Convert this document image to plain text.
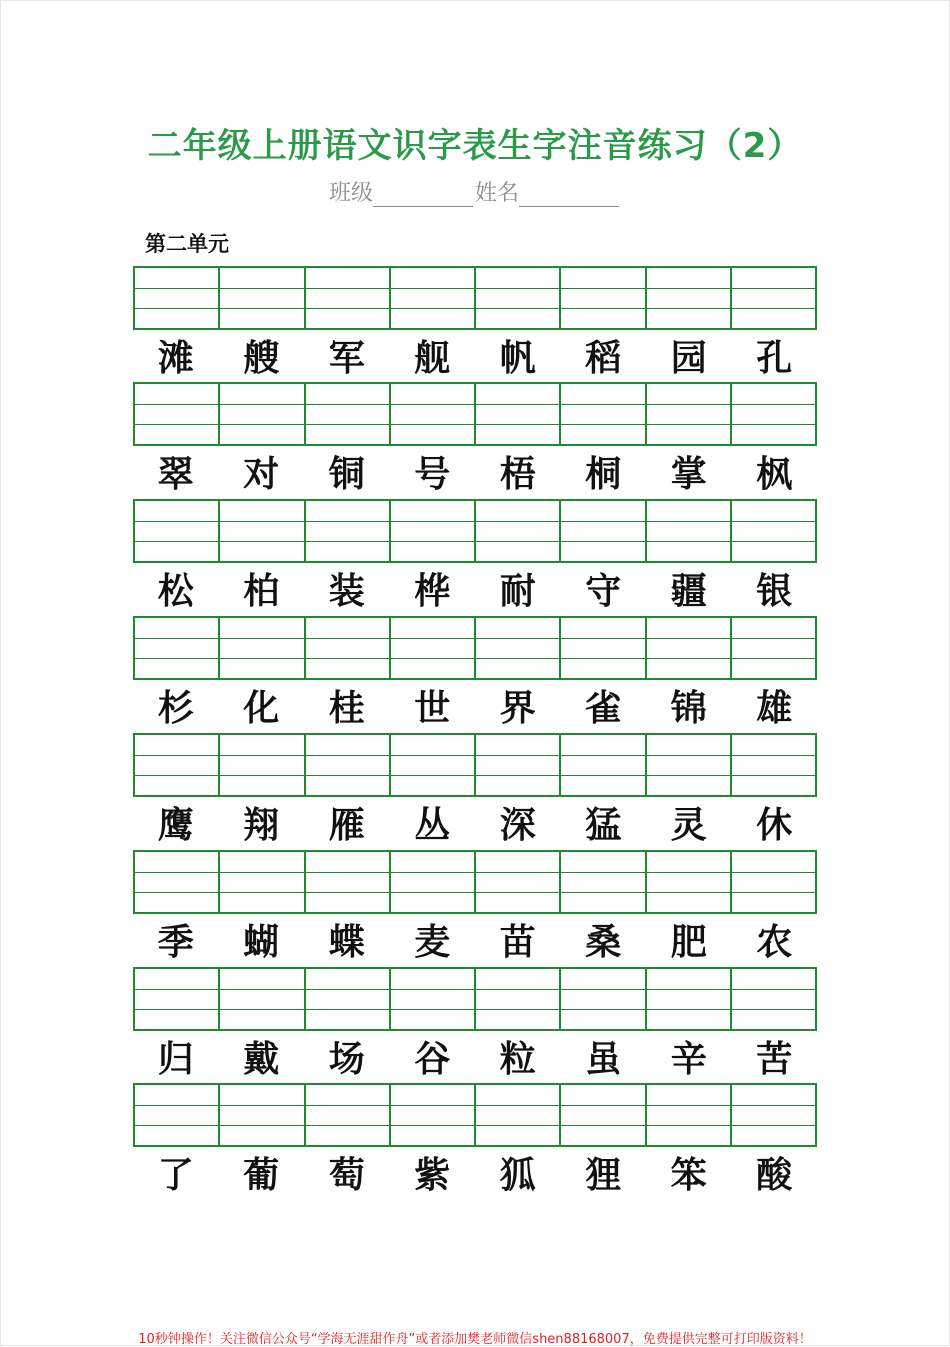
二年级上册语文识字表生字注音练习（2）
班级	姓名
第二单元
滩	艘	军	舰	帆	稻	园	孔
翠	对	铜	号	梧	桐	掌	枫
松	柏	装	桦	耐	守	疆	银
杉	化	桂	世	界	雀	锦	雄
鹰	翔	雁	丛	深	猛	灵	休
季	蝴	蝶	麦	苗	桑	肥	农
归	戴	场	谷	粒	虽	辛	苦
了	葡	萄	紫	狐	狸	笨	酸
10秒钟操作！关注微信公众号“学海无涯甜作舟”或者添加樊老师微信shen88168007，免费提供完整可打印版资料！
